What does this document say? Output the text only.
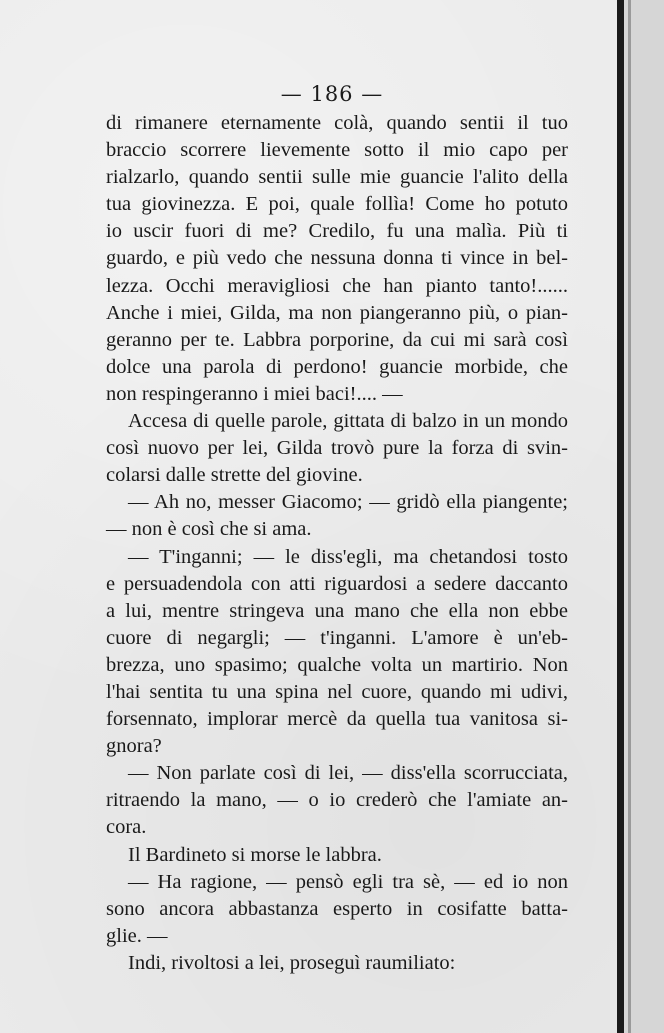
— 186 —
di rimanere eternamente colà, quando sentii il tuo
braccio scorrere lievemente sotto il mio capo per
rialzarlo, quando sentii sulle mie guancie l'alito della
tua giovinezza. E poi, quale follìa! Come ho potuto
io uscir fuori di me? Credilo, fu una malìa. Più ti
guardo, e più vedo che nessuna donna ti vince in bel-
lezza. Occhi meravigliosi che han pianto tanto!......
Anche i miei, Gilda, ma non piangeranno più, o pian-
geranno per te. Labbra porporine, da cui mi sarà così
dolce una parola di perdono! guancie morbide, che
non respingeranno i miei baci!.... —
Accesa di quelle parole, gittata di balzo in un mondo
così nuovo per lei, Gilda trovò pure la forza di svin-
colarsi dalle strette del giovine.
— Ah no, messer Giacomo; — gridò ella piangente;
— non è così che si ama.
— T'inganni; — le diss'egli, ma chetandosi tosto
e persuadendola con atti riguardosi a sedere daccanto
a lui, mentre stringeva una mano che ella non ebbe
cuore di negargli; — t'inganni. L'amore è un'eb-
brezza, uno spasimo; qualche volta un martirio. Non
l'hai sentita tu una spina nel cuore, quando mi udivi,
forsennato, implorar mercè da quella tua vanitosa si-
gnora?
— Non parlate così di lei, — diss'ella scorrucciata,
ritraendo la mano, — o io crederò che l'amiate an-
cora.
Il Bardineto si morse le labbra.
— Ha ragione, — pensò egli tra sè, — ed io non
sono ancora abbastanza esperto in cosifatte batta-
glie. —
Indi, rivoltosi a lei, proseguì raumiliato:
